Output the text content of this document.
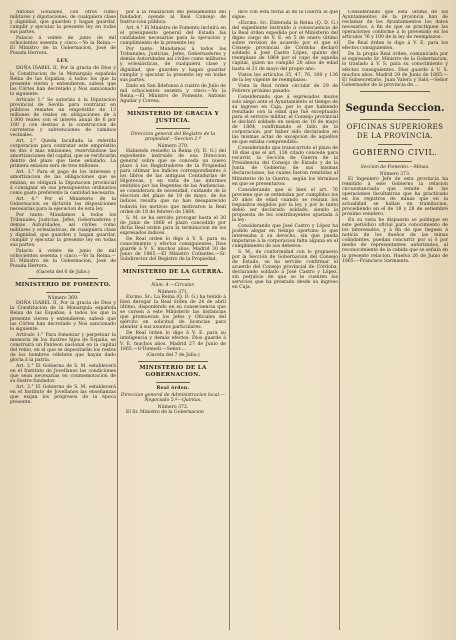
Antonio Gónzalez, con otros como militares y diputaciones, de cualquiera clase y dignidad, que guarden y hagan guardar, cumplir y ejecutar la presente ley en todas sus partes.

Palacio á veinte de junio de mil ochocientos sesenta y cinco.—Yo la Reina.—El Ministro de la Gobernacion, José de Posada Herrera.

LEY.

DOÑA ISABEL II, Por la gracia de Dios y la Constitucion de la Monarquía española Reina de las Españas; á todos los que la presente vieren y entendieren, sabed: que las Córtes han decretado y Nos sancionado lo siguiente:

Artículo 1.° Se autoriza á la Diputacion provincial de Sevilla para contratar en públicos remates un empréstito de 13 millones de reales en obligaciones de á 1.000 reales con el interés anual de 6 por 100 y con destino á la construccion de carreteras y subvenciones de caminos vecinales.

Art. 2.° Queda facultada la referida corporacion para contratar este empréstito en dos ó mas emisiones, reservándose las amortizaciones del capital, que se verificarán dentro del plazo que tiene señalado. La primera emision será de tres millones.

Art. 3.° Para el pago de los intereses y amortizacion de las obligaciones que se emitan, se obligará la Diputacion provincial á consignar en sus presupuestos ordinarios como gasto preferente la cantidad necesaria.

Art. 4.° Por el Ministerio de la Gobernacion se dictarán las disposiciones necesarias para la ejecucion de esta ley.

Por tanto: Mandamos á todos los Tribunales, Justicias, Jefes, Gobernadores y demás Autoridades, así civiles como militares y eclesiásticas, de cualquiera clase y dignidad, que guarden y hagan guardar, cumplir y ejecutar la presente ley en todas sus partes.

Palacio á veinte de junio de mil ochocientos sesenta y cinco.—Yo la Reina.—El Ministro de la Gobernacion, José de Posada Herrera.

(Gaceta del 6 de Julio.)
MINISTERIO DE FOMENTO.
Número 369.

DOÑA ISABEL II, Por la gracia de Dios y la Constitucion de la Monarquía española Reina de las Españas; á todos los que la presente vieren y entendieren, sabed: que las Córtes han decretado y Nos sancionado lo siguiente:

Artículo 1.° Para fomentar y perpetuar la memoria de los ilustres hijos de España, se construirá un Panteon nacional en la capital del reino, en el que se depositarán los restos de los hombres célebres que hayan dado gloria á la patria.

Art. 2.° El Gobierno de S. M. establecerá en el Instituto de Jovellanos las condiciones que sean necesarias en conmemoracion de su ilustre fundador.

Art. 3.° El Gobierno de S. M. establecerá en el Instituto de Jovellanos las enseñanzas que exijan los progresos de la época presente.

por á la realizacion del pensamiento del fundador, oyendo al Real Consejo de Instruccion pública.

Art. 4.° El Ministro de Fomento incluirá en el presupuesto general del Estado las cantidades necesarias para la ejecucion y cumplimiento de la presente ley.

Por tanto: Mandamos á todos los Tribunales, Justicias, Jefes, Gobernadores y demás Autoridades así civiles como militares y eclesiásticas, de cualquiera clase y dignidad, que guarden y hagan guardar cumplir y ejecutar la presente ley en todas sus partes.

Dado en San Ildefonso á cuatro de Julio de mil ochocientos sesenta y cinco.—Yo la Reina.—El Ministro de Fomento, Antonio Aguilar y Correa.

MINISTERIO DE GRACIA Y JUSTICIA.
Direccion general del Registro de la propiedad.—Seccion 2.ª
Número 370.

Habiendo resuelto la Reina (Q. D. G.) del expediente instruido de esa Direccion general sobre que se conceda un nuevo plazo á los Registradores de la Propiedad para ultimar los índices correspondientes á los libros de las antiguas Contadurías de Hipotecas, y en vista de las informes emitidos por los Regentes de las Audiencias, se considerara de necesidad, cuidando de la eleccion del plazo de 18 de mayo, de los índices resulta que no han desaparecido todavía los motivos que motivaron la Real orden de 18 de febrero de 1864.

S. M. se ha servido prorogar hasta el 30 de junio de 1866 el plazo concedido por dicha Real orden para la terminacion de los expresados índices.

De Real orden lo digo á V. S. para su conocimiento y efectos consiguientes. Dios guarde á V. S. muchos años. Madrid 30 de Junio de 1865.—El Ministro Collantes.—Sr. Subdirector del Registro de la Propiedad.

MINISTERIO DE LA GUERRA.
Núm. 4.—Circular.
Número 371.

Excmo. Sr.: La Reina (Q. D. G.) ha tenido á bien derogar la Real órden de 24 de abril último, disponiendo en su consecuencia que se cursen á este Ministerio las instancias que promuevan los Jefes y Oficiales del ejército en solicitud de licencias para atender á sus asuntos particulares.

De Real órden lo digo á V. E. para su inteligencia y demás efectos. Dios guarde á V. E. muchos años. Madrid 27 de Junio de 1865.—O'Donnell.—Señor....

(Gaceta del 7 de Julio.)
MINISTERIO DE LA GOBERNACION.
Real órden.
Direccion general de Administracion local.—Negociado 5.º—Quintas.
Número 372.

El Sr. Ministro de la Gobernacion

dice con esta fecha al de la Guerra lo que sigue:

«Excmo. Sr.: Enterada la Reina (Q. D. G.) del expediente instruido á consecuencia de la Real órden expedida por el Ministerio del digno cargo de V. E. en 5 de enero último sobre revision de acuerdo por el que el Consejo provincial de Córdoba declaró soldado á José Castro López, quinto del reemplazo de 1864 por el cupo de aquella capital, quien no cumplió 20 años de edad hasta el 21 de mayo del propio año:

Vistos los artículos 35, 47, 76, 100 y 136 de la ley vigente de reemplazos:

Vista la Real órden circular de 29 de Febrero próximo pasado:

Considerando que á espresados mozos solo alegó ante el Ayuntamiento el tiempo de su ingreso en Caja, por lo que habiendo resultado con la edad que fué exceptuado para el servicio militar, el Consejo provincial le declaró soldado en sesion de 16 de mayo de 1864, confirmando el fallo de la corporacion, por haber sido declarados en las mismas actas de excepcion de aquellos en que estaba comprendido:

Considerando que transcurrido el plazo de 18 días que el art. 136 citado concede para recurrir, la Sección de Guerra de la Presidencia del Consejo de Estado y de la Junta de Gobierno de sus mismas declaraciones, las cuales fueron remitidas al Ministerio de la Guerra, según los términos en que se presentaron:

Considerando que si bien el art. 76 previene que se entiendan por cumplidos los 20 años de edad cuando se reúnan los requisitos exigidos por la ley, y por lo tanto debió ser declarado soldado, siendo la propuesta de los contribuyentes ajustada á la ley:

Considerando que José Castro y López ha podido alegar en tiempo oportuno lo que interesaba á su derecho, sin que pueda imputarse á la corporacion falta alguna en el cumplimiento de sus deberes:

S. M., de conformidad con lo propuesto por la Sección de Gobernacion del Consejo de Estado, se ha servido confirmar el acuerdo del Consejo provincial de Córdoba, declarando soldado á José Castro y López, sin perjuicio de que se le cuenten los servicios que ha prestado desde su ingreso en Caja.

Considerando que esta última de los Ayuntamientos de la provincia han de reclamar de los Ayuntamientos los datos necesarios, á fin de que se practiquen las operaciones conforme á lo prevenido en los artículos 76 y 100 de la ley de reemplazos:

De Real órden lo digo á V. E. para los efectos consiguientes.

De la propia Real órden, comunicada por el espresado Sr. Ministro de la Gobernacion, lo traslado á V. S. para su conocimiento y efectos consiguientes. Dios guarde á V. S. muchos años. Madrid 29 de Junio de 1865.—El Subsecretario, Juan Valera y Saló.—Señor Gobernador de la provincia de....

Segunda Seccion.
OFICINAS SUPERIORES DE LA PROVINCIA.
GOBIERNO CIVIL.
Seccion de Fomento.—Minas.
Número 373.

El Ingeniero Jefe de esta provincia ha remitido á este Gobierno la relacion circunstanciada que remite de las operaciones facultativas que ha practicado en los registros de minas que en la actualidad se hallan en tramitacion, procediendo en el de 18 y 28 de setiembre próximo venidero.

En su vista he dispuesto se publique en este periódico oficial para conocimiento de los interesados, y á fin de que lleguen á noticia de los dueños de las minas colindantes, puedan concurrir por sí ó por medio de representantes autorizados, al reconocimiento de la cabida que se señala en la presente relacion. Huelva 26 de Junio de 1865.—Francisco Sarmiento.
